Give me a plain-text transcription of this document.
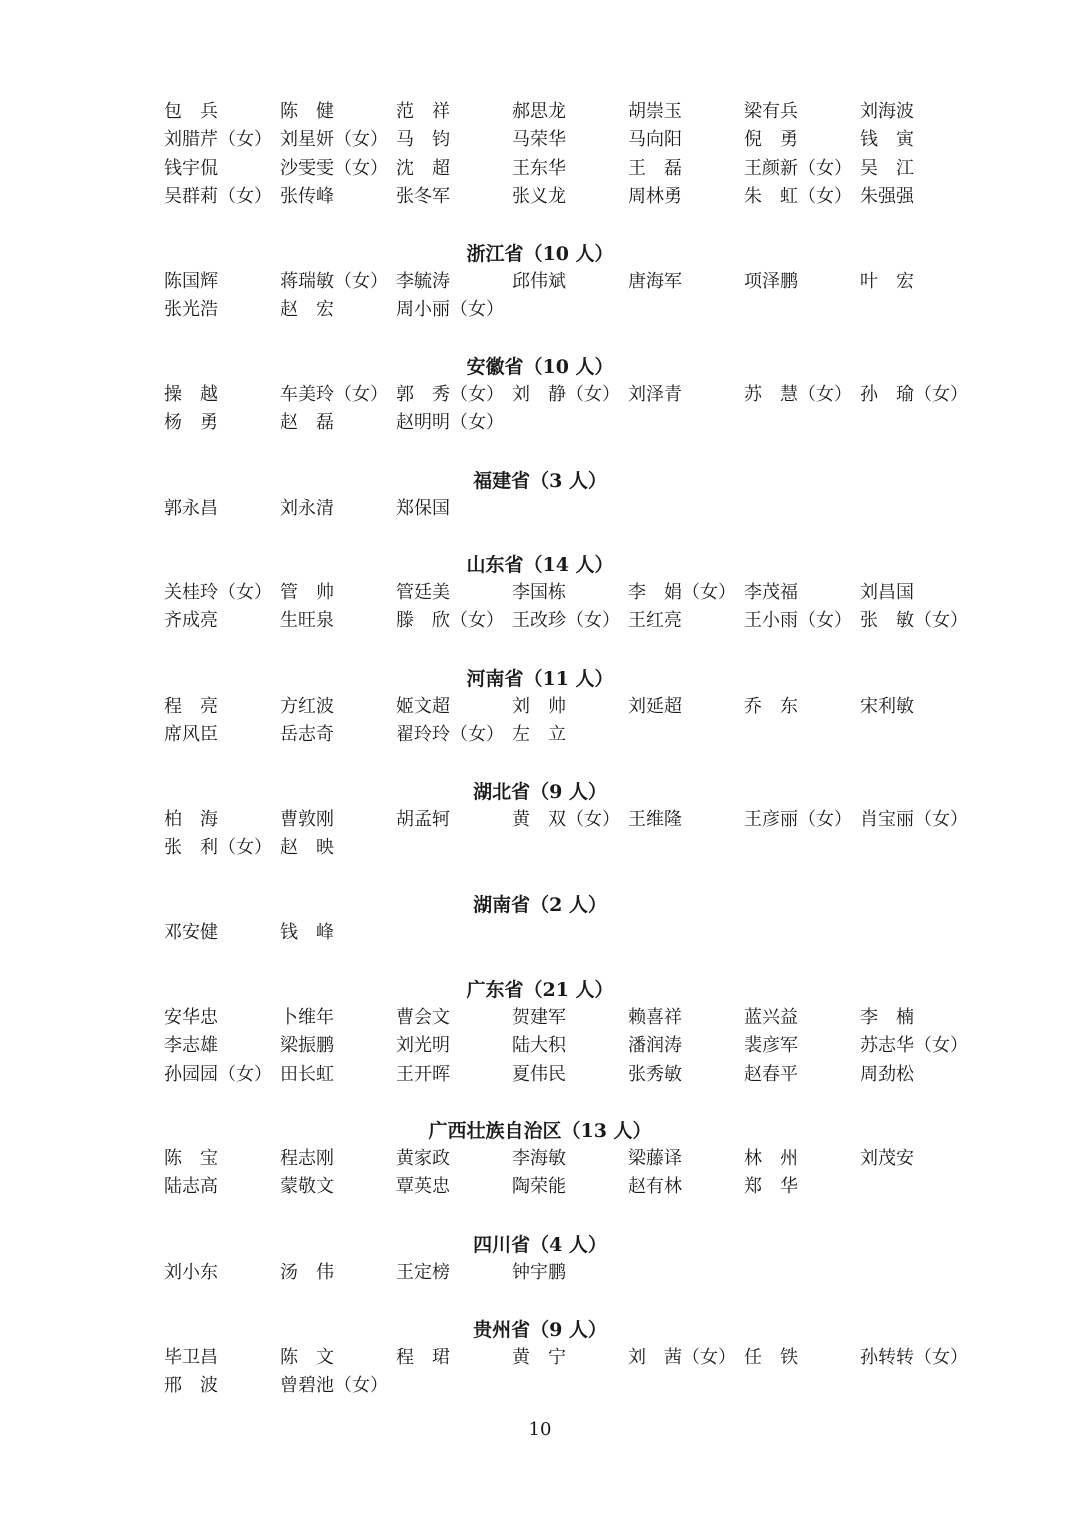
包　兵	陈　健	范　祥	郝思龙	胡崇玉	梁有兵	刘海波
刘腊芹（女） 刘星妍（女） 马　钧	马荣华	马向阳	倪　勇	钱　寅
钱宇侃	沙雯雯（女） 沈　超	王东华	王　磊	王颜新（女） 吴　江
吴群莉（女） 张传峰	张冬军	张义龙	周林勇	朱　虹（女） 朱强强
浙江省（10 人）
陈国辉	蒋瑞敏（女） 李毓涛	邱伟斌	唐海军	项泽鹏	叶　宏
张光浩	赵　宏	周小丽（女）
安徽省（10 人）
操　越	车美玲（女） 郭　秀（女） 刘　静（女） 刘泽青	苏　慧（女） 孙　瑜（女）
杨　勇	赵　磊	赵明明（女）
福建省（3 人）
郭永昌	刘永清	郑保国
山东省（14 人）
关桂玲（女） 管　帅	管廷美	李国栋	李　娟（女） 李茂福	刘昌国
齐成亮	生旺泉	滕　欣（女） 王改珍（女） 王红亮	王小雨（女） 张　敏（女）
河南省（11 人）
程　亮	方红波	姬文超	刘　帅	刘延超	乔　东	宋利敏
席风臣	岳志奇	翟玲玲（女） 左　立
湖北省（9 人）
柏　海	曹敦刚	胡孟轲	黄　双（女） 王维隆	王彦丽（女） 肖宝丽（女）
张　利（女） 赵　映
湖南省（2 人）
邓安健	钱　峰
广东省（21 人）
安华忠	卜维年	曹会文	贺建军	赖喜祥	蓝兴益	李　楠
李志雄	梁振鹏	刘光明	陆大积	潘润涛	裴彦军	苏志华（女）
孙园园（女） 田长虹	王开晖	夏伟民	张秀敏	赵春平	周劲松
广西壮族自治区（13 人）
陈　宝	程志刚	黄家政	李海敏	梁藤译	林　州	刘茂安
陆志高	蒙敬文	覃英忠	陶荣能	赵有林	郑　华
四川省（4 人）
刘小东	汤　伟	王定榜	钟宇鹏
贵州省（9 人）
毕卫昌	陈　文	程　珺	黄　宁	刘　茜（女） 任　铁	孙转转（女）
邢　波	曾碧池（女）
10
